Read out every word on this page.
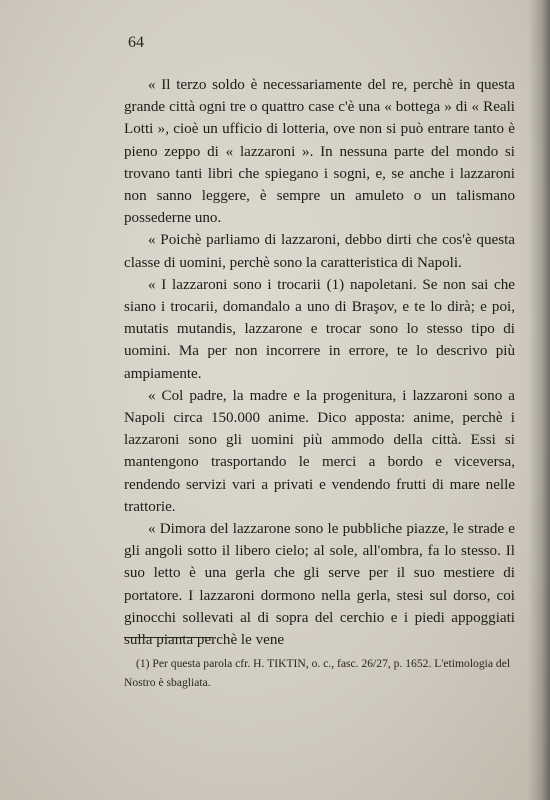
64

« Il terzo soldo è necessariamente del re, perchè in questa grande città ogni tre o quattro case c'è una « bottega » di « Reali Lotti », cioè un ufficio di lotteria, ove non si può entrare tanto è pieno zeppo di « lazzaroni ». In nessuna parte del mondo si trovano tanti libri che spiegano i sogni, e, se anche i lazzaroni non sanno leggere, è sempre un amuleto o un talismano possederne uno.

« Poichè parliamo di lazzaroni, debbo dirti che cos'è questa classe di uomini, perchè sono la caratteristica di Napoli.

« I lazzaroni sono i trocarii (1) napoletani. Se non sai che siano i trocarii, domandalo a uno di Braşov, e te lo dirà; e poi, mutatis mutandis, lazzarone e trocar sono lo stesso tipo di uomini. Ma per non incorrere in errore, te lo descrivo più ampiamente.

« Col padre, la madre e la progenitura, i lazzaroni sono a Napoli circa 150.000 anime. Dico apposta: anime, perchè i lazzaroni sono gli uomini più ammodo della città. Essi si mantengono trasportando le merci a bordo e viceversa, rendendo servizi vari a privati e vendendo frutti di mare nelle trattorie.

« Dimora del lazzarone sono le pubbliche piazze, le strade e gli angoli sotto il libero cielo; al sole, all'ombra, fa lo stesso. Il suo letto è una gerla che gli serve per il suo mestiere di portatore. I lazzaroni dormono nella gerla, stesi sul dorso, coi ginocchi sollevati al di sopra del cerchio e i piedi appoggiati sulla pianta perchè le vene

(1) Per questa parola cfr. H. TIKTIN, o. c., fasc. 26/27, p. 1652. L'etimologia del Nostro è sbagliata.
